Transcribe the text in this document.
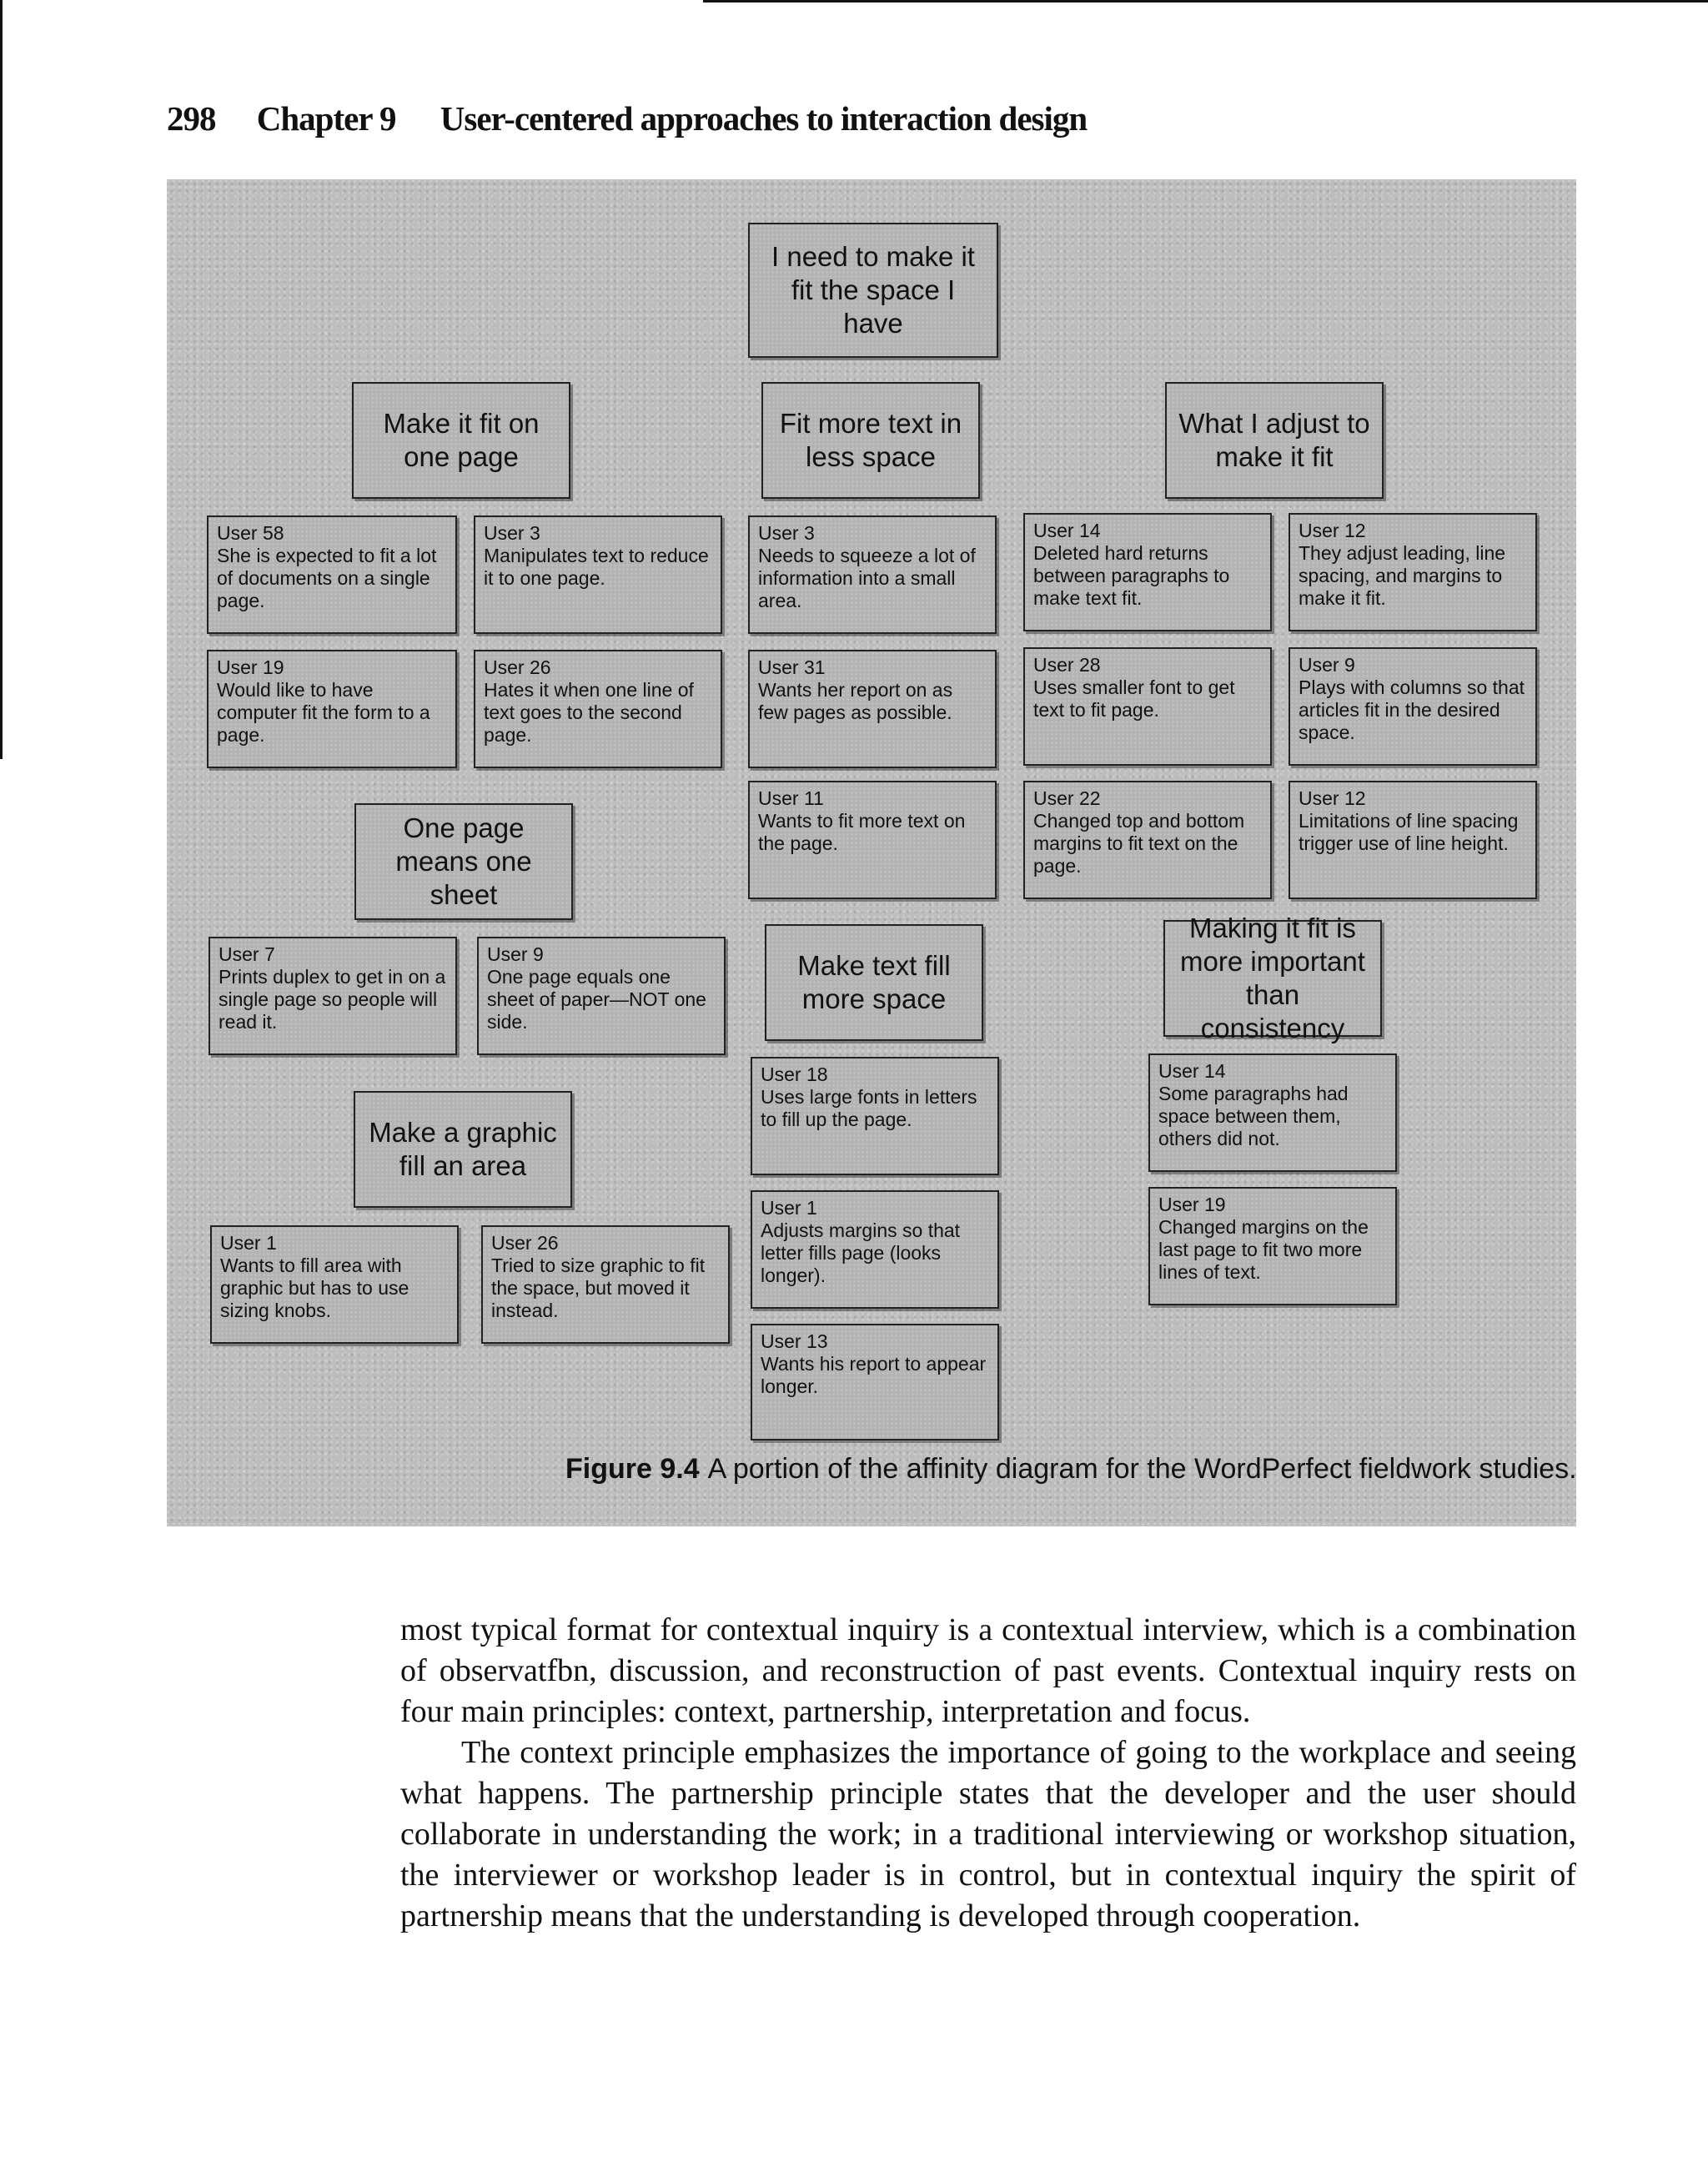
298 Chapter 9 User-centered approaches to interaction design
I need to make it fit the space I have
Make it fit on one page
User 58
She is expected to fit a lot of documents on a single page.
User 3
Manipulates text to reduce it to one page.
User 19
Would like to have computer fit the form to a page.
User 26
Hates it when one line of text goes to the second page.
One page means one sheet
User 7
Prints duplex to get in on a single page so people will read it.
User 9
One page equals one sheet of paper—NOT one side.
Make a graphic fill an area
User 1
Wants to fill area with graphic but has to use sizing knobs.
User 26
Tried to size graphic to fit the space, but moved it instead.
Fit more text in less space
User 3
Needs to squeeze a lot of information into a small area.
User 31
Wants her report on as few pages as possible.
User 11
Wants to fit more text on the page.
Make text fill more space
User 18
Uses large fonts in letters to fill up the page.
User 1
Adjusts margins so that letter fills page (looks longer).
User 13
Wants his report to appear longer.
What I adjust to make it fit
User 14
Deleted hard returns between paragraphs to make text fit.
User 12
They adjust leading, line spacing, and margins to make it fit.
User 28
Uses smaller font to get text to fit page.
User 9
Plays with columns so that articles fit in the desired space.
User 22
Changed top and bottom margins to fit text on the page.
User 12
Limitations of line spacing trigger use of line height.
Making it fit is more important than consistency
User 14
Some paragraphs had space between them, others did not.
User 19
Changed margins on the last page to fit two more lines of text.
Figure 9.4 A portion of the affinity diagram for the WordPerfect fieldwork studies.

most typical format for contextual inquiry is a contextual interview, which is a combination of observatfbn, discussion, and reconstruction of past events. Contextual inquiry rests on four main principles: context, partnership, interpretation and focus.

The context principle emphasizes the importance of going to the workplace and seeing what happens. The partnership principle states that the developer and the user should collaborate in understanding the work; in a traditional interviewing or workshop situation, the interviewer or workshop leader is in control, but in contextual inquiry the spirit of partnership means that the understanding is developed through cooperation.
